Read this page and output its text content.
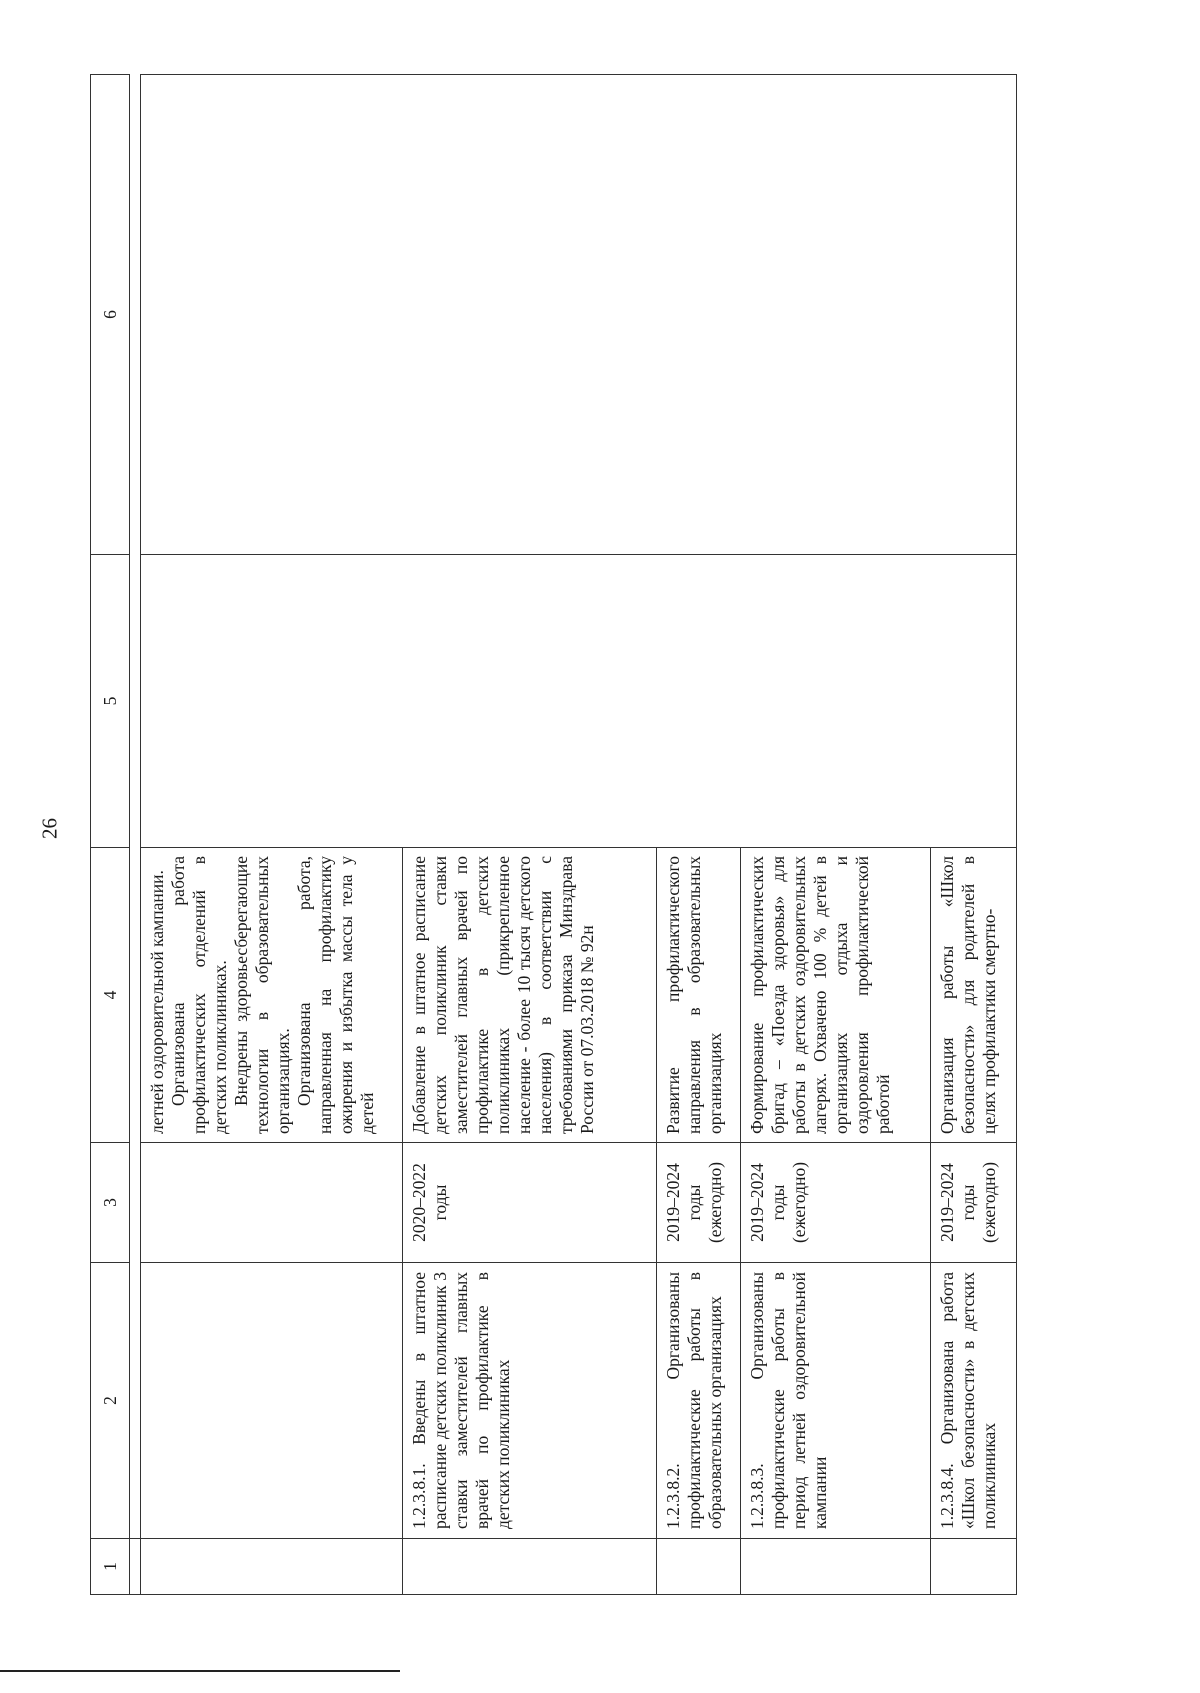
26
1	2	3	4	5	6

			летней оздоровительной кампании. Организована работа профилактических отделений в детских поликлиниках. Внедрены здоровьесберегающие технологии в образовательных организациях. Организована работа, направленная на профилактику ожирения и избытка массы тела у детей		

	1.2.3.8.1. Введены в штатное расписание детских поликлиник 3 ставки заместителей главных врачей по профилактике в детских поликлиниках	2020–2022 годы	Добавление в штатное расписание детских поликлиник ставки заместителей главных врачей по профилактике в детских поликлиниках (прикрепленное население - более 10 тысяч детского населения) в соответствии с требованиями приказа Минздрава России от 07.03.2018 № 92н		

	1.2.3.8.2. Организованы профилактические работы в образовательных организациях	2019–2024 годы (ежегодно)	Развитие профилактического направления в образовательных организациях		

	1.2.3.8.3. Организованы профилактические работы в период летней оздоровительной кампании	2019–2024 годы (ежегодно)	Формирование профилактических бригад – «Поезда здоровья» для работы в детских оздоровительных лагерях. Охвачено 100 % детей в организациях отдыха и оздоровления профилактической работой		

	1.2.3.8.4. Организована работа «Школ безопасности» в детских поликлиниках	2019–2024 годы (ежегодно)	Организация работы «Школ безопасности» для родителей в целях профилактики смертно-		
